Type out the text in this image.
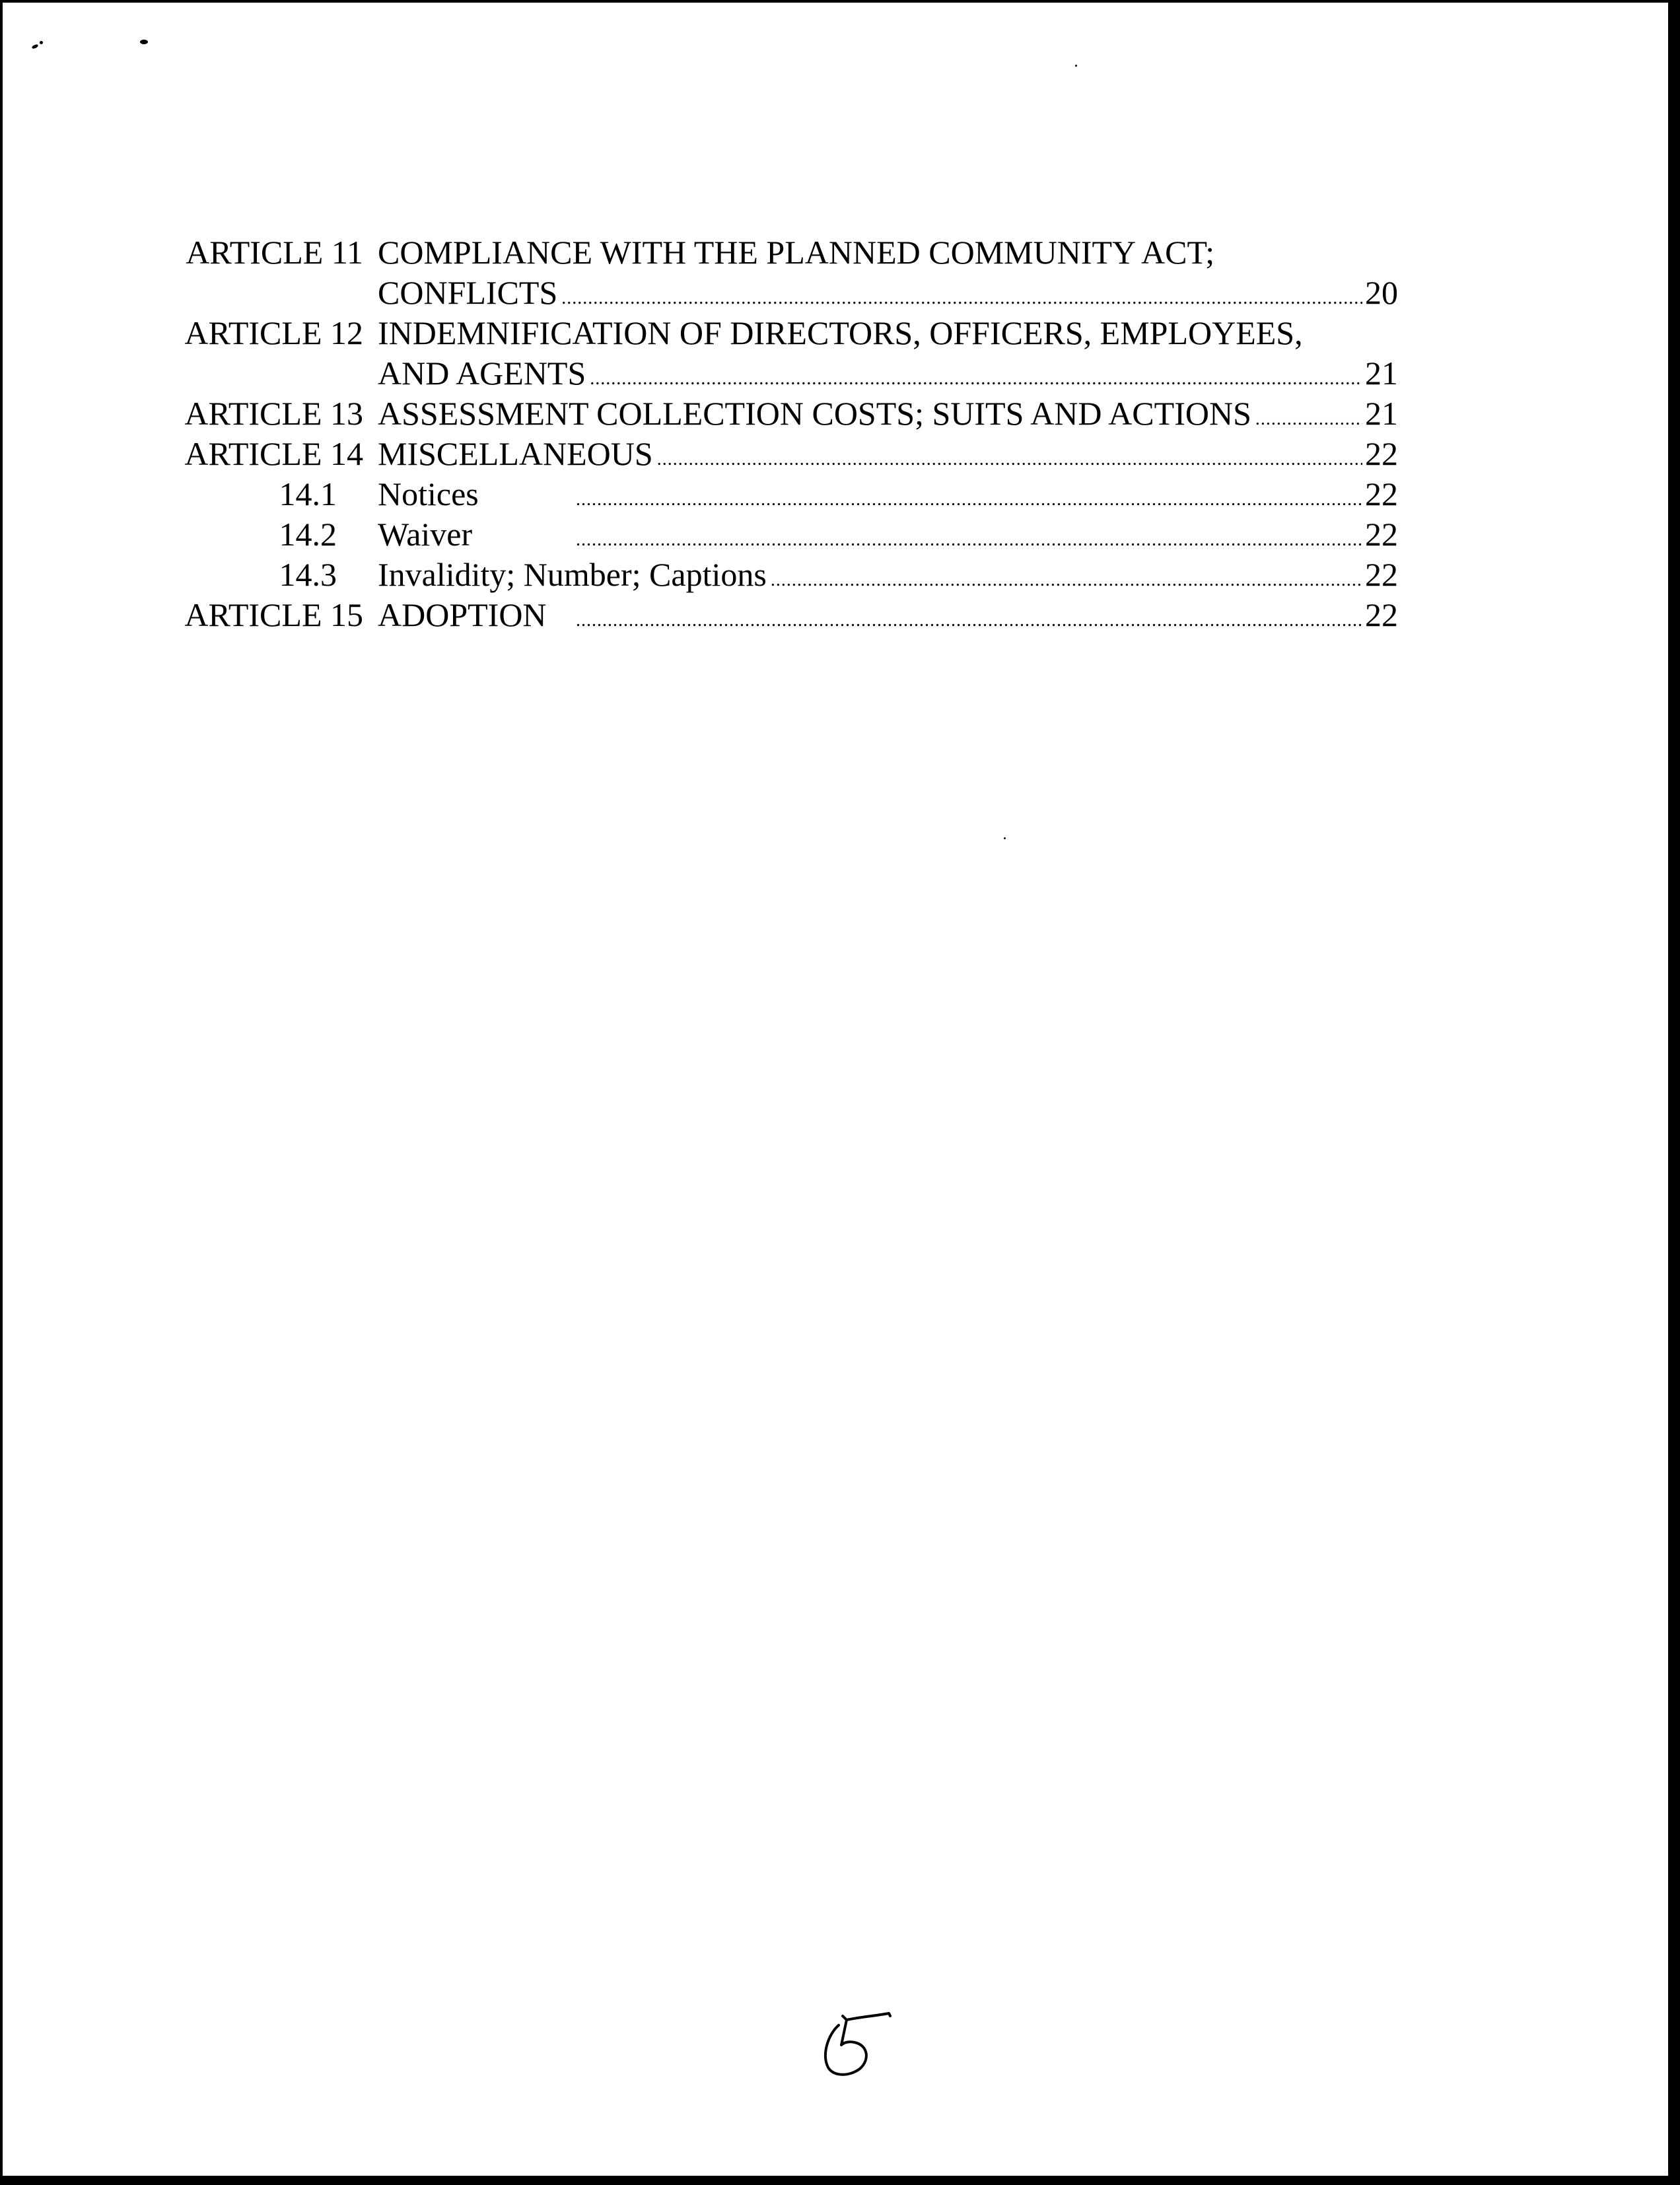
ARTICLE 11 COMPLIANCE WITH THE PLANNED COMMUNITY ACT;
CONFLICTS . . .	20
ARTICLE 12 INDEMNIFICATION OF DIRECTORS, OFFICERS, EMPLOYEES,
AND AGENTS . . .	21
ARTICLE 13 ASSESSMENT COLLECTION COSTS; SUITS AND ACTIONS . . .	21
ARTICLE 14 MISCELLANEOUS . . .	22
14.1 Notices . . .	22
14.2 Waiver . . .	22
14.3 Invalidity; Number; Captions . . .	22
ARTICLE 15 ADOPTION . . .	22
